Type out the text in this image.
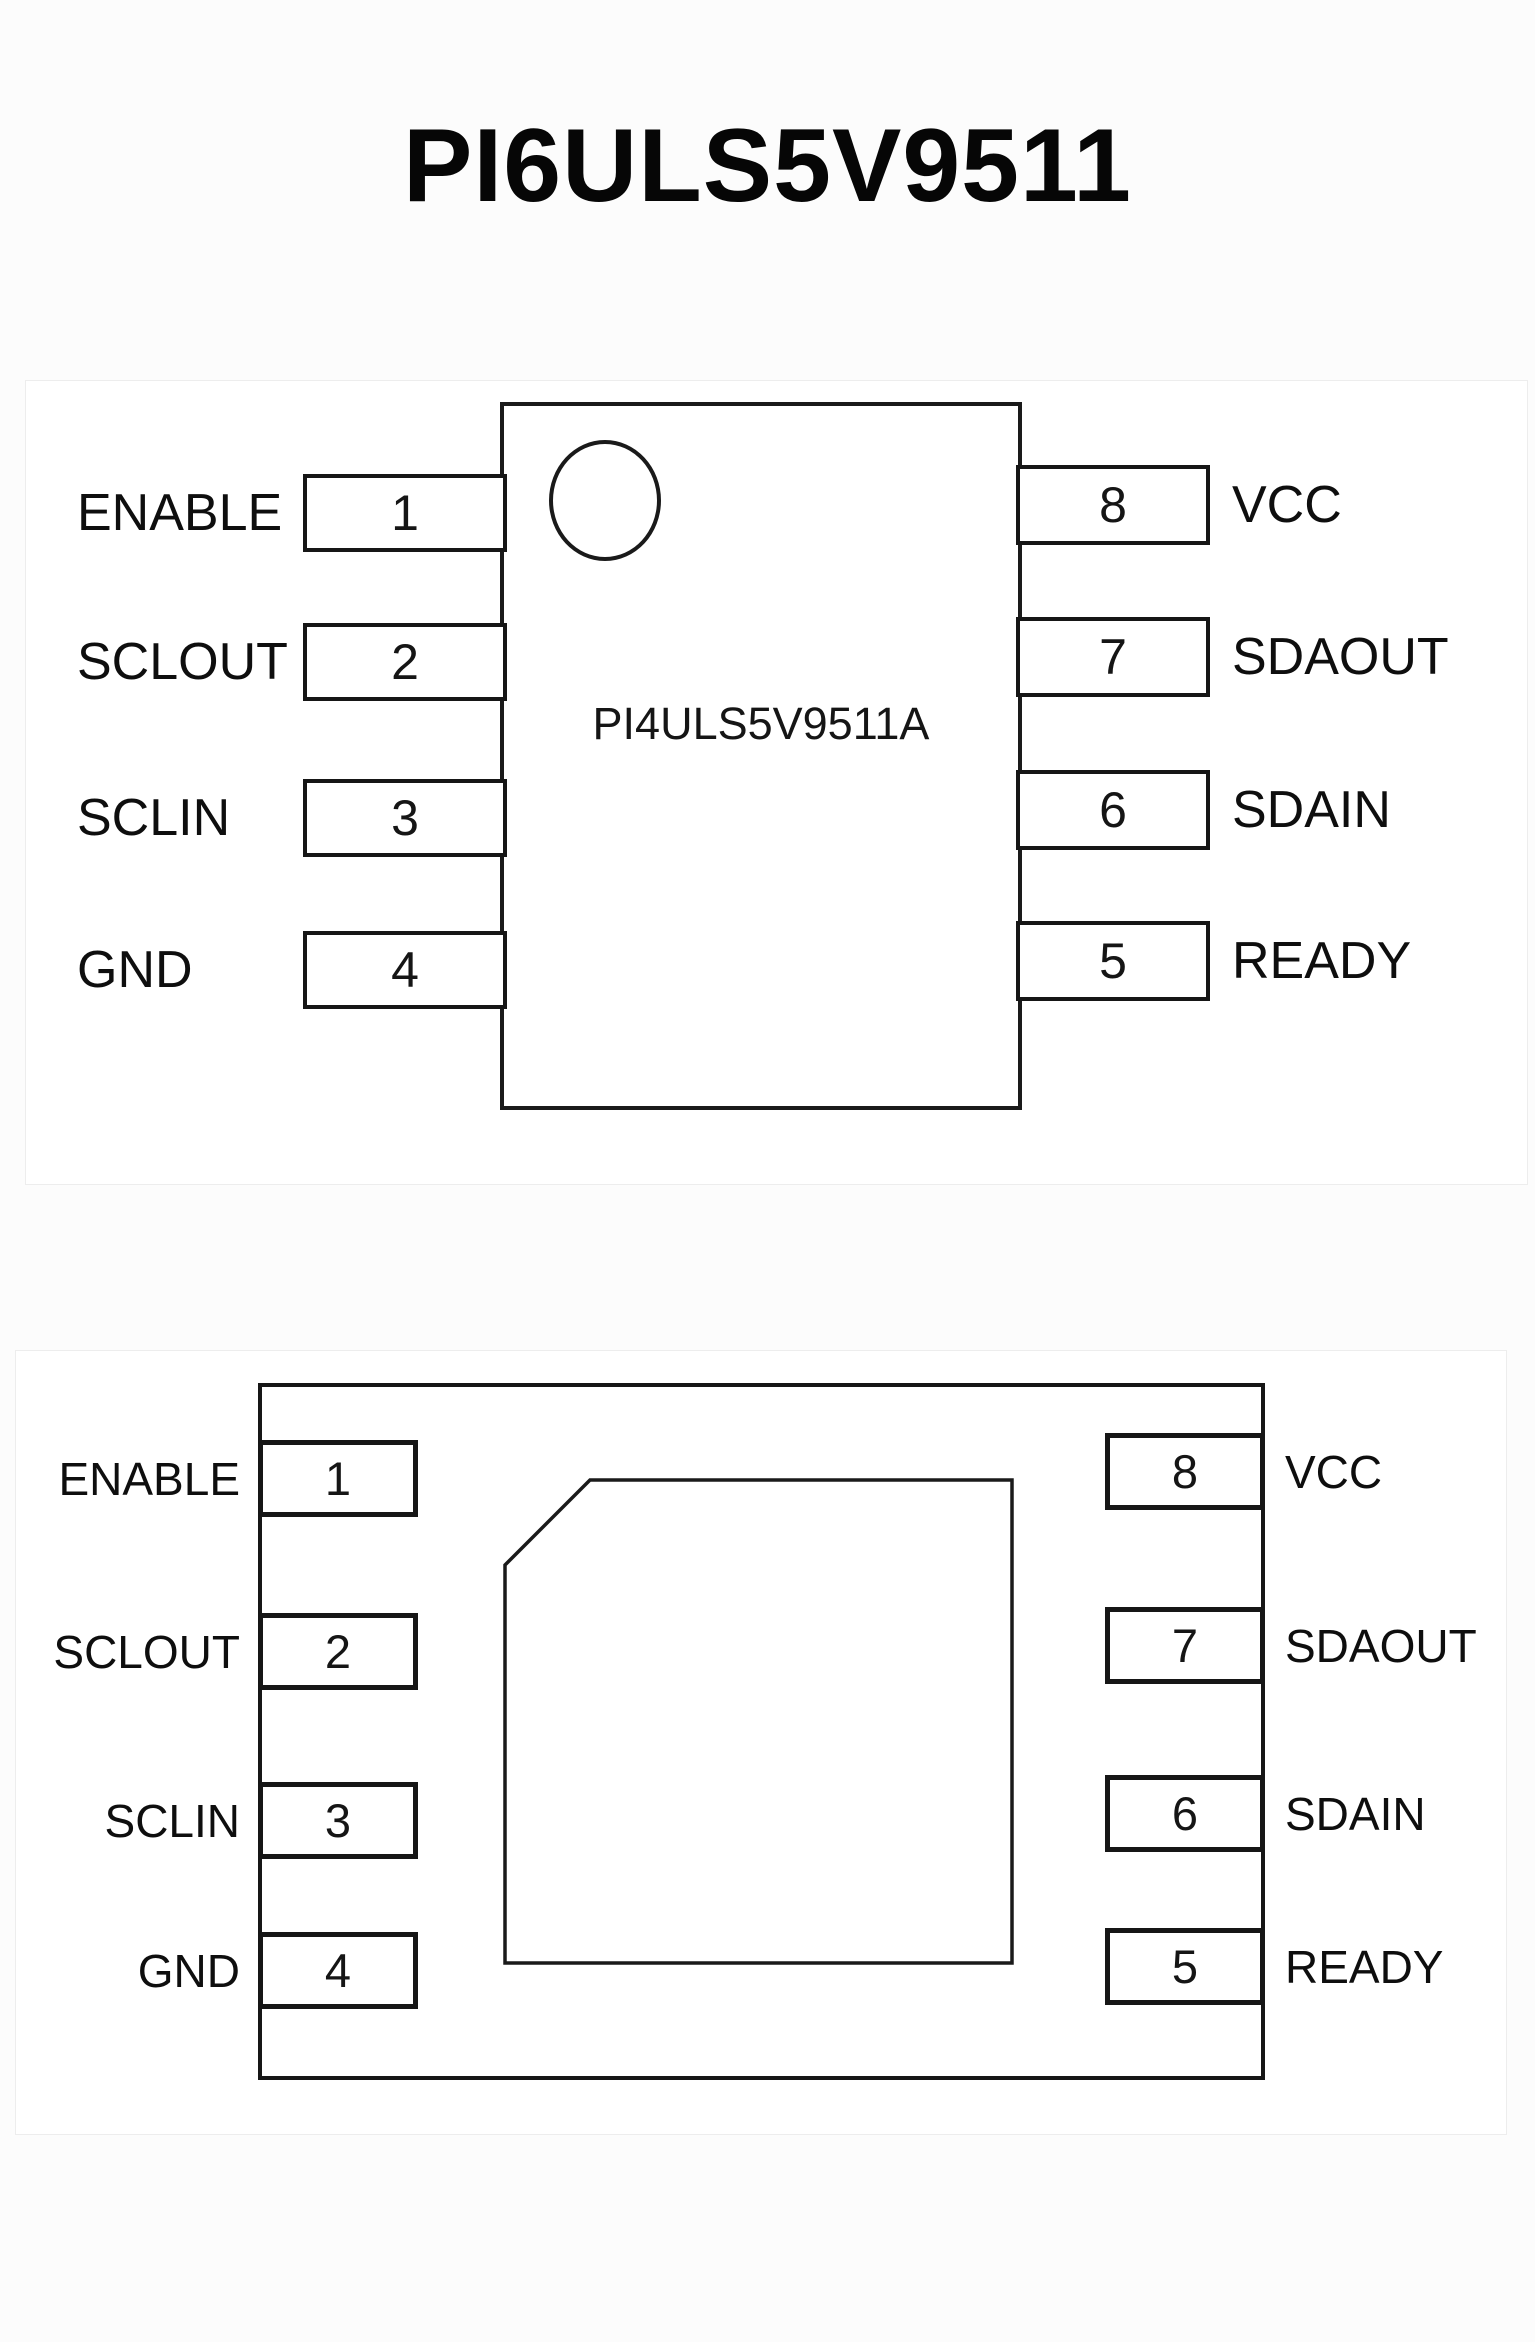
PI6ULS5V9511
PI4ULS5V9511A
ENABLE
SCLOUT
SCLIN
GND
1
2
3
4
8
7
6
5
VCC
SDAOUT
SDAIN
READY
ENABLE
SCLOUT
SCLIN
GND
1
2
3
4
8
7
6
5
VCC
SDAOUT
SDAIN
READY
